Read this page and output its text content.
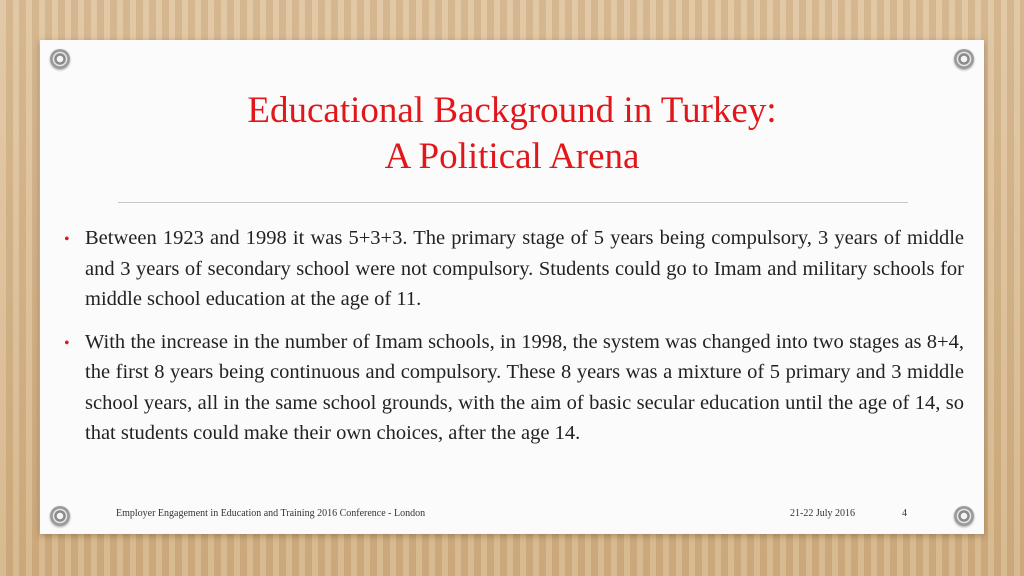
Educational Background in Turkey:
A Political Arena
• Between 1923 and 1998 it was 5+3+3. The primary stage of 5 years being compulsory, 3 years of middle and 3 years of secondary school were not compulsory. Students could go to Imam and military schools for middle school education at the age of 11.
• With the increase in the number of Imam schools, in 1998, the system was changed into two stages as 8+4, the first 8 years being continuous and compulsory. These 8 years was a mixture of 5 primary and 3 middle school years, all in the same school grounds, with the aim of basic secular education until the age of 14, so that students could make their own choices, after the age 14.
Employer Engagement in Education and Training 2016 Conference - London	21-22 July 2016	4
